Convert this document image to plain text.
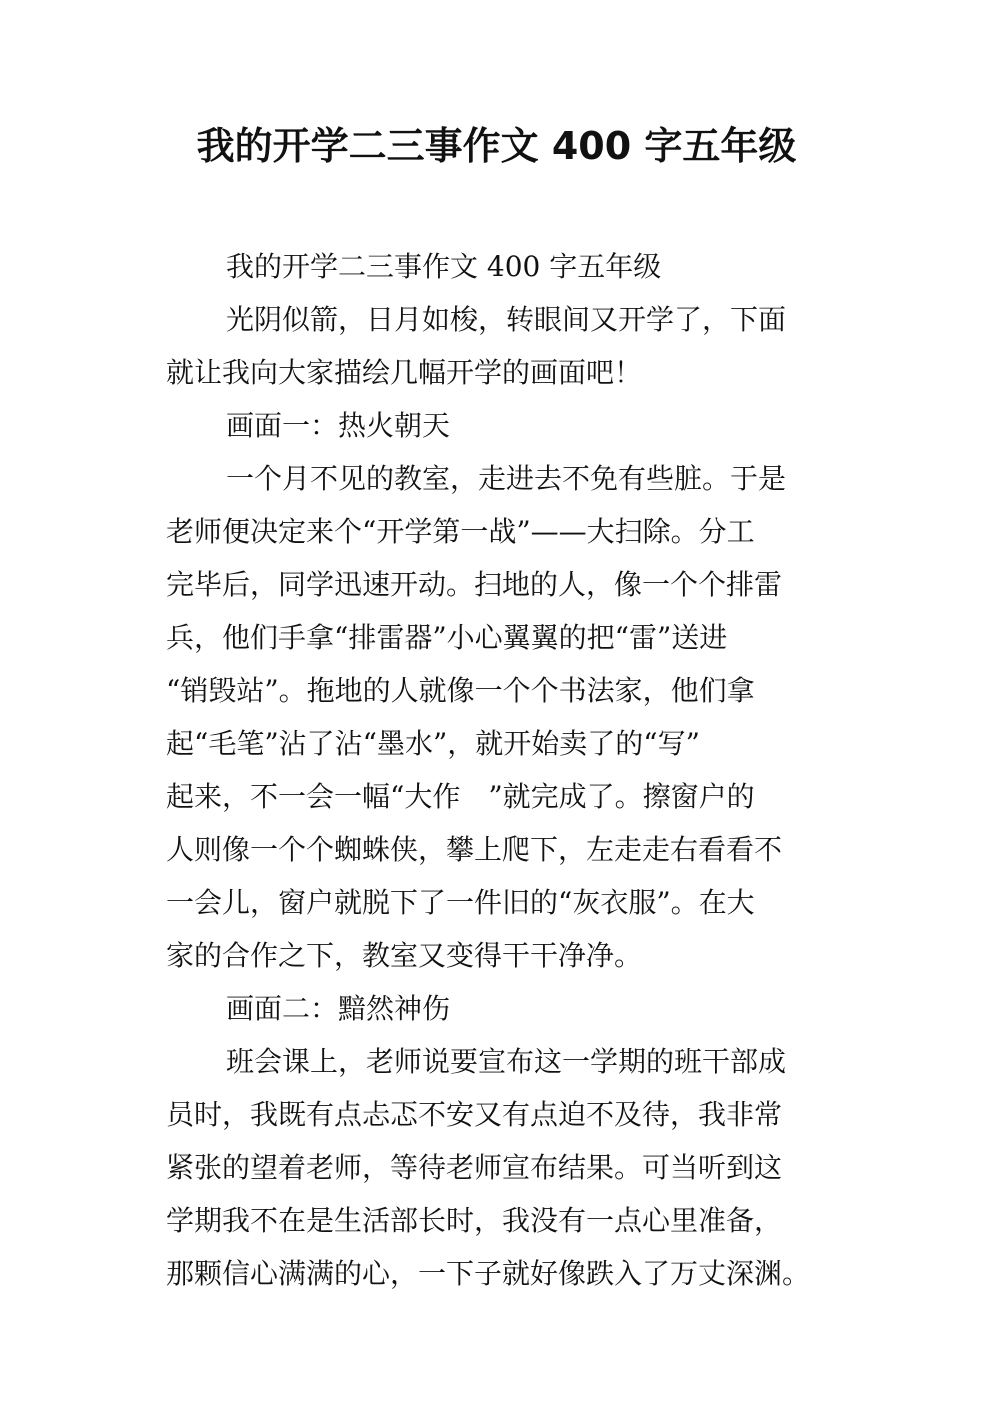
我的开学二三事作文 400 字五年级
我的开学二三事作文 400 字五年级
光阴似箭，日月如梭，转眼间又开学了，下面
就让我向大家描绘几幅开学的画面吧！
画面一：热火朝天
一个月不见的教室，走进去不免有些脏。于是
老师便决定来个“开学第一战”——大扫除。分工
完毕后，同学迅速开动。扫地的人，像一个个排雷
兵，他们手拿“排雷器”小心翼翼的把“雷”送进
“销毁站”。拖地的人就像一个个书法家，他们拿
起“毛笔”沾了沾“墨水”，就开始卖了的“写”
起来，不一会一幅“大作　”就完成了。擦窗户的
人则像一个个蜘蛛侠，攀上爬下，左走走右看看不
一会儿，窗户就脱下了一件旧的“灰衣服”。在大
家的合作之下，教室又变得干干净净。
画面二：黯然神伤
班会课上，老师说要宣布这一学期的班干部成
员时，我既有点忐忑不安又有点迫不及待，我非常
紧张的望着老师，等待老师宣布结果。可当听到这
学期我不在是生活部长时，我没有一点心里准备，
那颗信心满满的心，一下子就好像跌入了万丈深渊。
